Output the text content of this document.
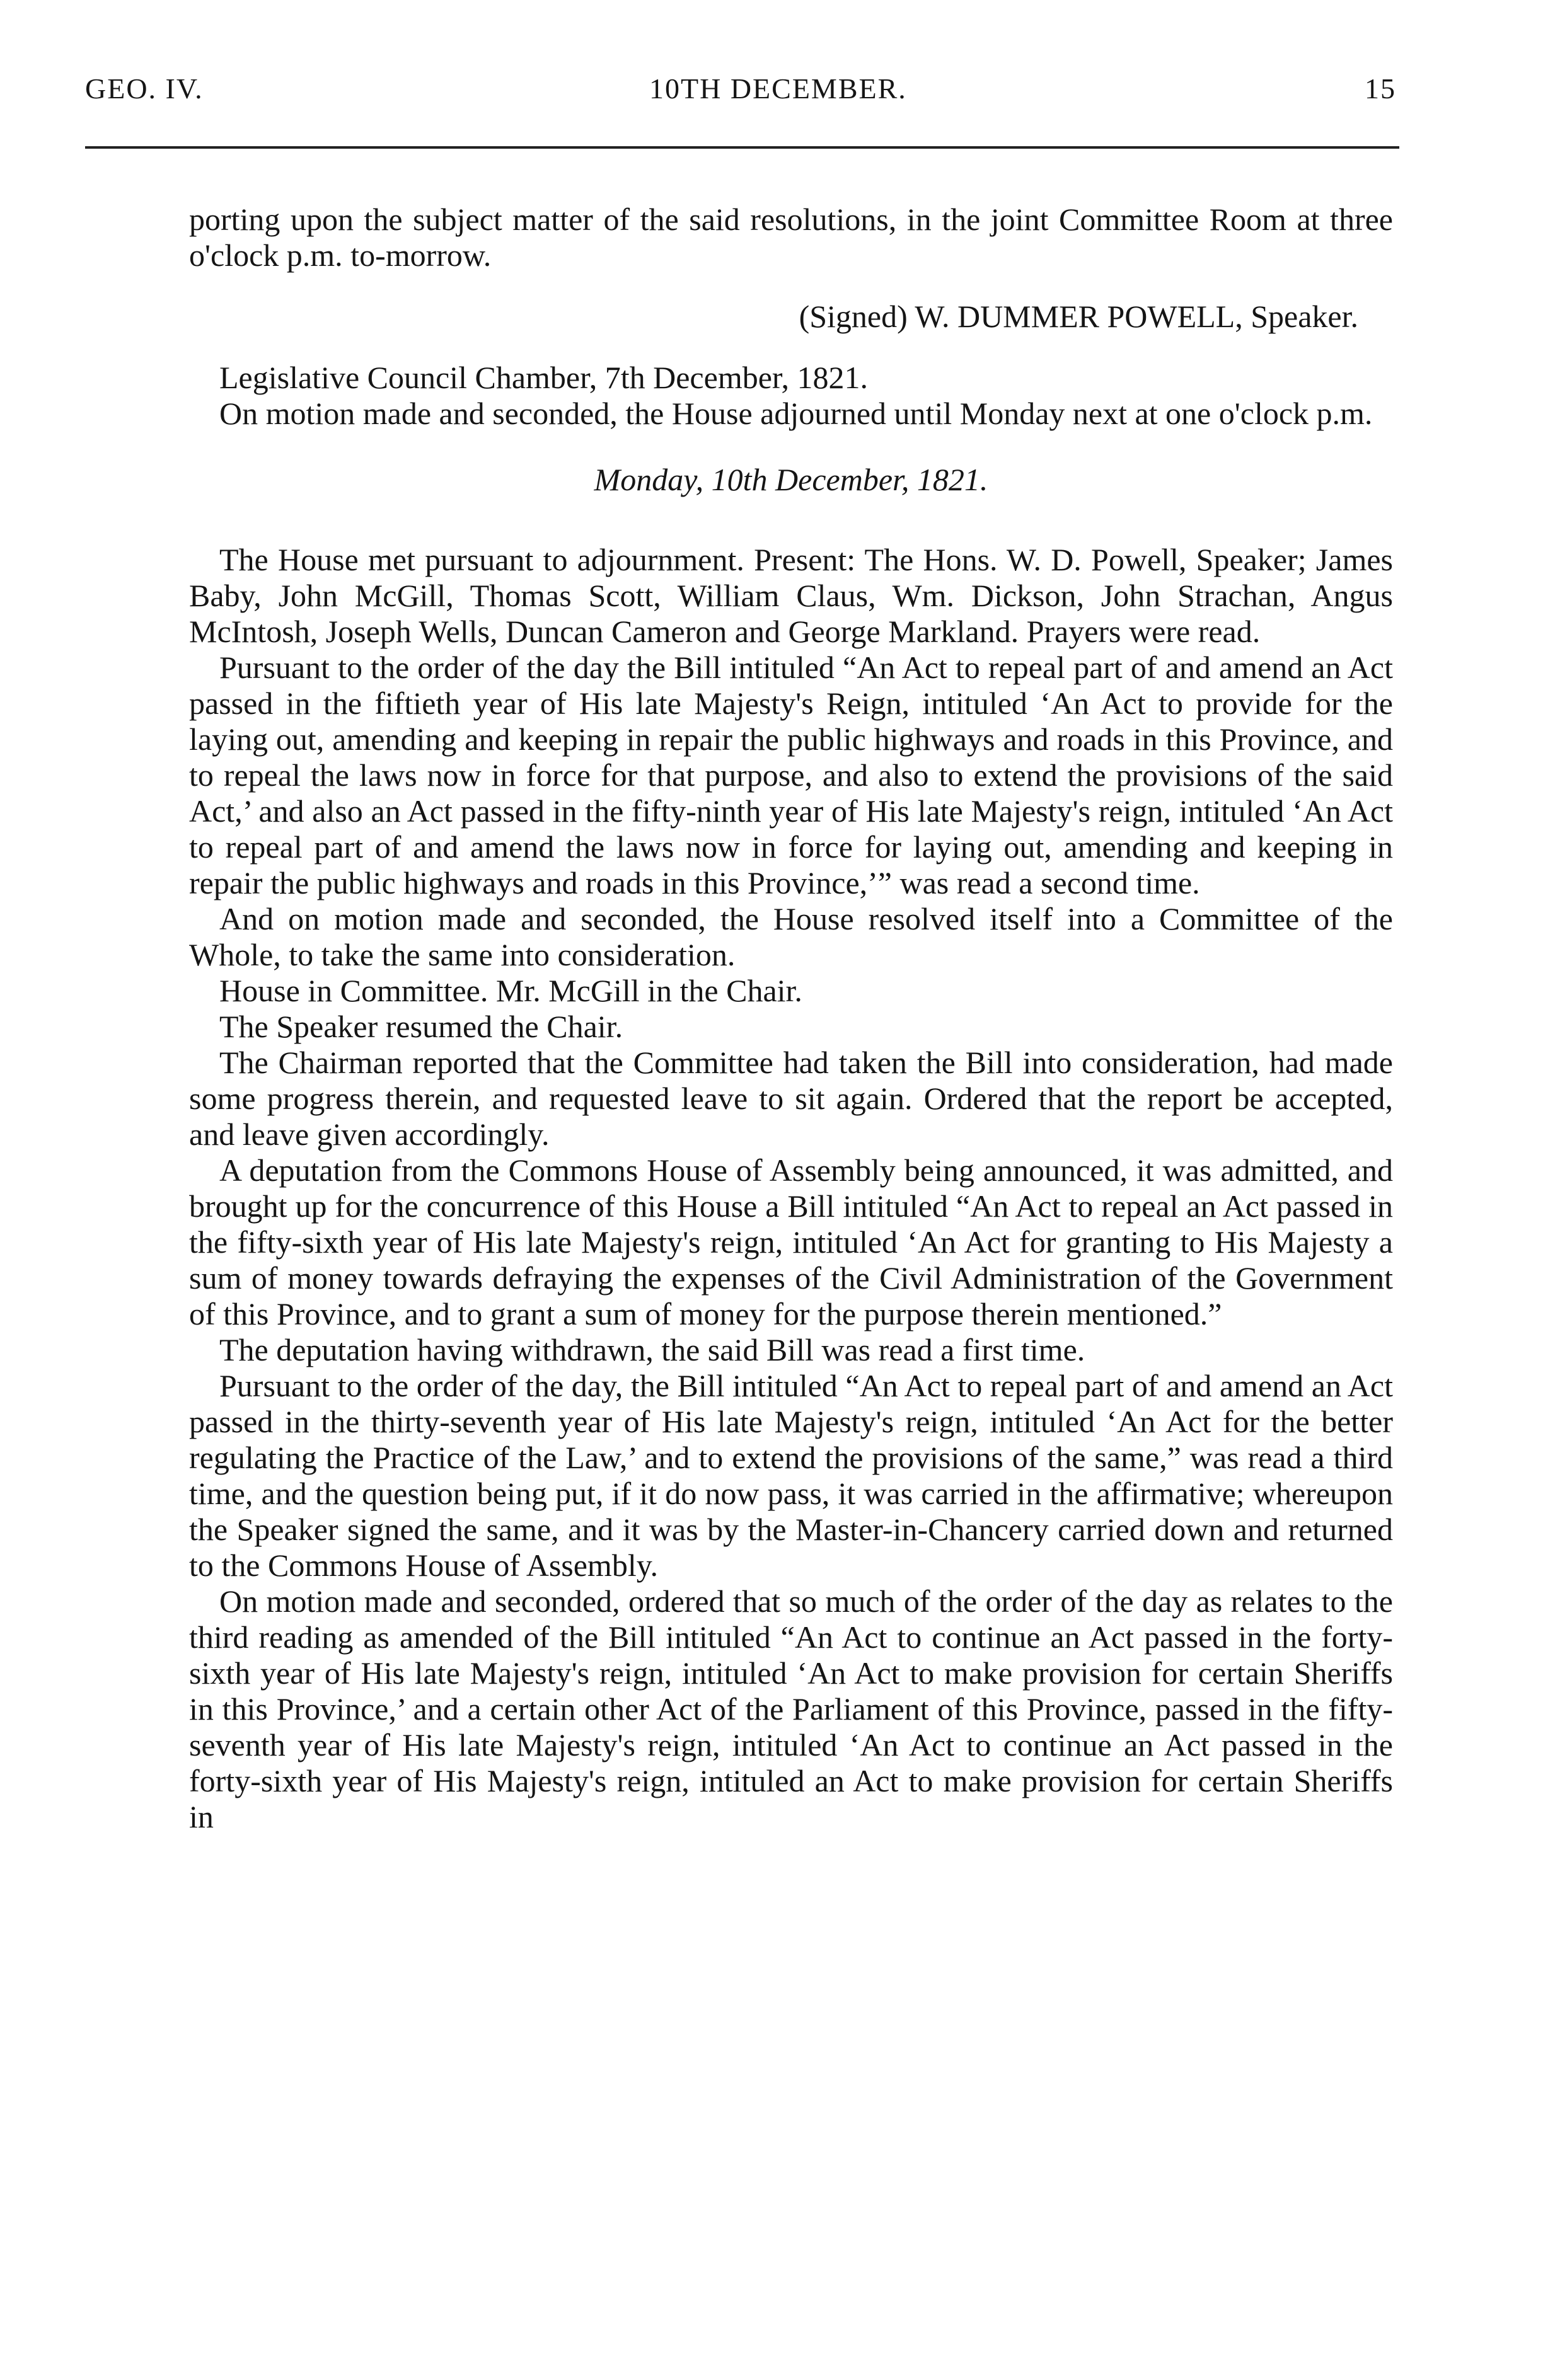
GEO. IV.	10TH DECEMBER.	15

porting upon the subject matter of the said resolutions, in the joint Committee Room at three o'clock p.m. to-morrow.

(Signed) W. DUMMER POWELL, Speaker.

Legislative Council Chamber, 7th December, 1821.

On motion made and seconded, the House adjourned until Monday next at one o'clock p.m.

Monday, 10th December, 1821.

The House met pursuant to adjournment. Present: The Hons. W. D. Powell, Speaker; James Baby, John McGill, Thomas Scott, William Claus, Wm. Dickson, John Strachan, Angus McIntosh, Joseph Wells, Duncan Cameron and George Markland. Prayers were read.

Pursuant to the order of the day the Bill intituled “An Act to repeal part of and amend an Act passed in the fiftieth year of His late Majesty's Reign, intituled ‘An Act to provide for the laying out, amending and keeping in repair the public highways and roads in this Province, and to repeal the laws now in force for that purpose, and also to extend the provisions of the said Act,’ and also an Act passed in the fifty-ninth year of His late Majesty's reign, intituled ‘An Act to repeal part of and amend the laws now in force for laying out, amending and keeping in repair the public highways and roads in this Province,’” was read a second time.

And on motion made and seconded, the House resolved itself into a Committee of the Whole, to take the same into consideration.

House in Committee. Mr. McGill in the Chair.

The Speaker resumed the Chair.

The Chairman reported that the Committee had taken the Bill into consideration, had made some progress therein, and requested leave to sit again. Ordered that the report be accepted, and leave given accordingly.

A deputation from the Commons House of Assembly being announced, it was admitted, and brought up for the concurrence of this House a Bill intituled “An Act to repeal an Act passed in the fifty-sixth year of His late Majesty's reign, intituled ‘An Act for granting to His Majesty a sum of money towards defraying the expenses of the Civil Administration of the Government of this Province, and to grant a sum of money for the purpose therein mentioned.”

The deputation having withdrawn, the said Bill was read a first time.

Pursuant to the order of the day, the Bill intituled “An Act to repeal part of and amend an Act passed in the thirty-seventh year of His late Majesty's reign, intituled ‘An Act for the better regulating the Practice of the Law,’ and to extend the provisions of the same,” was read a third time, and the question being put, if it do now pass, it was carried in the affirmative; whereupon the Speaker signed the same, and it was by the Master-in-Chancery carried down and returned to the Commons House of Assembly.

On motion made and seconded, ordered that so much of the order of the day as relates to the third reading as amended of the Bill intituled “An Act to continue an Act passed in the forty-sixth year of His late Majesty's reign, intituled ‘An Act to make provision for certain Sheriffs in this Province,’ and a certain other Act of the Parliament of this Province, passed in the fifty-seventh year of His late Majesty's reign, intituled ‘An Act to continue an Act passed in the forty-sixth year of His Majesty's reign, intituled an Act to make provision for certain Sheriffs in
